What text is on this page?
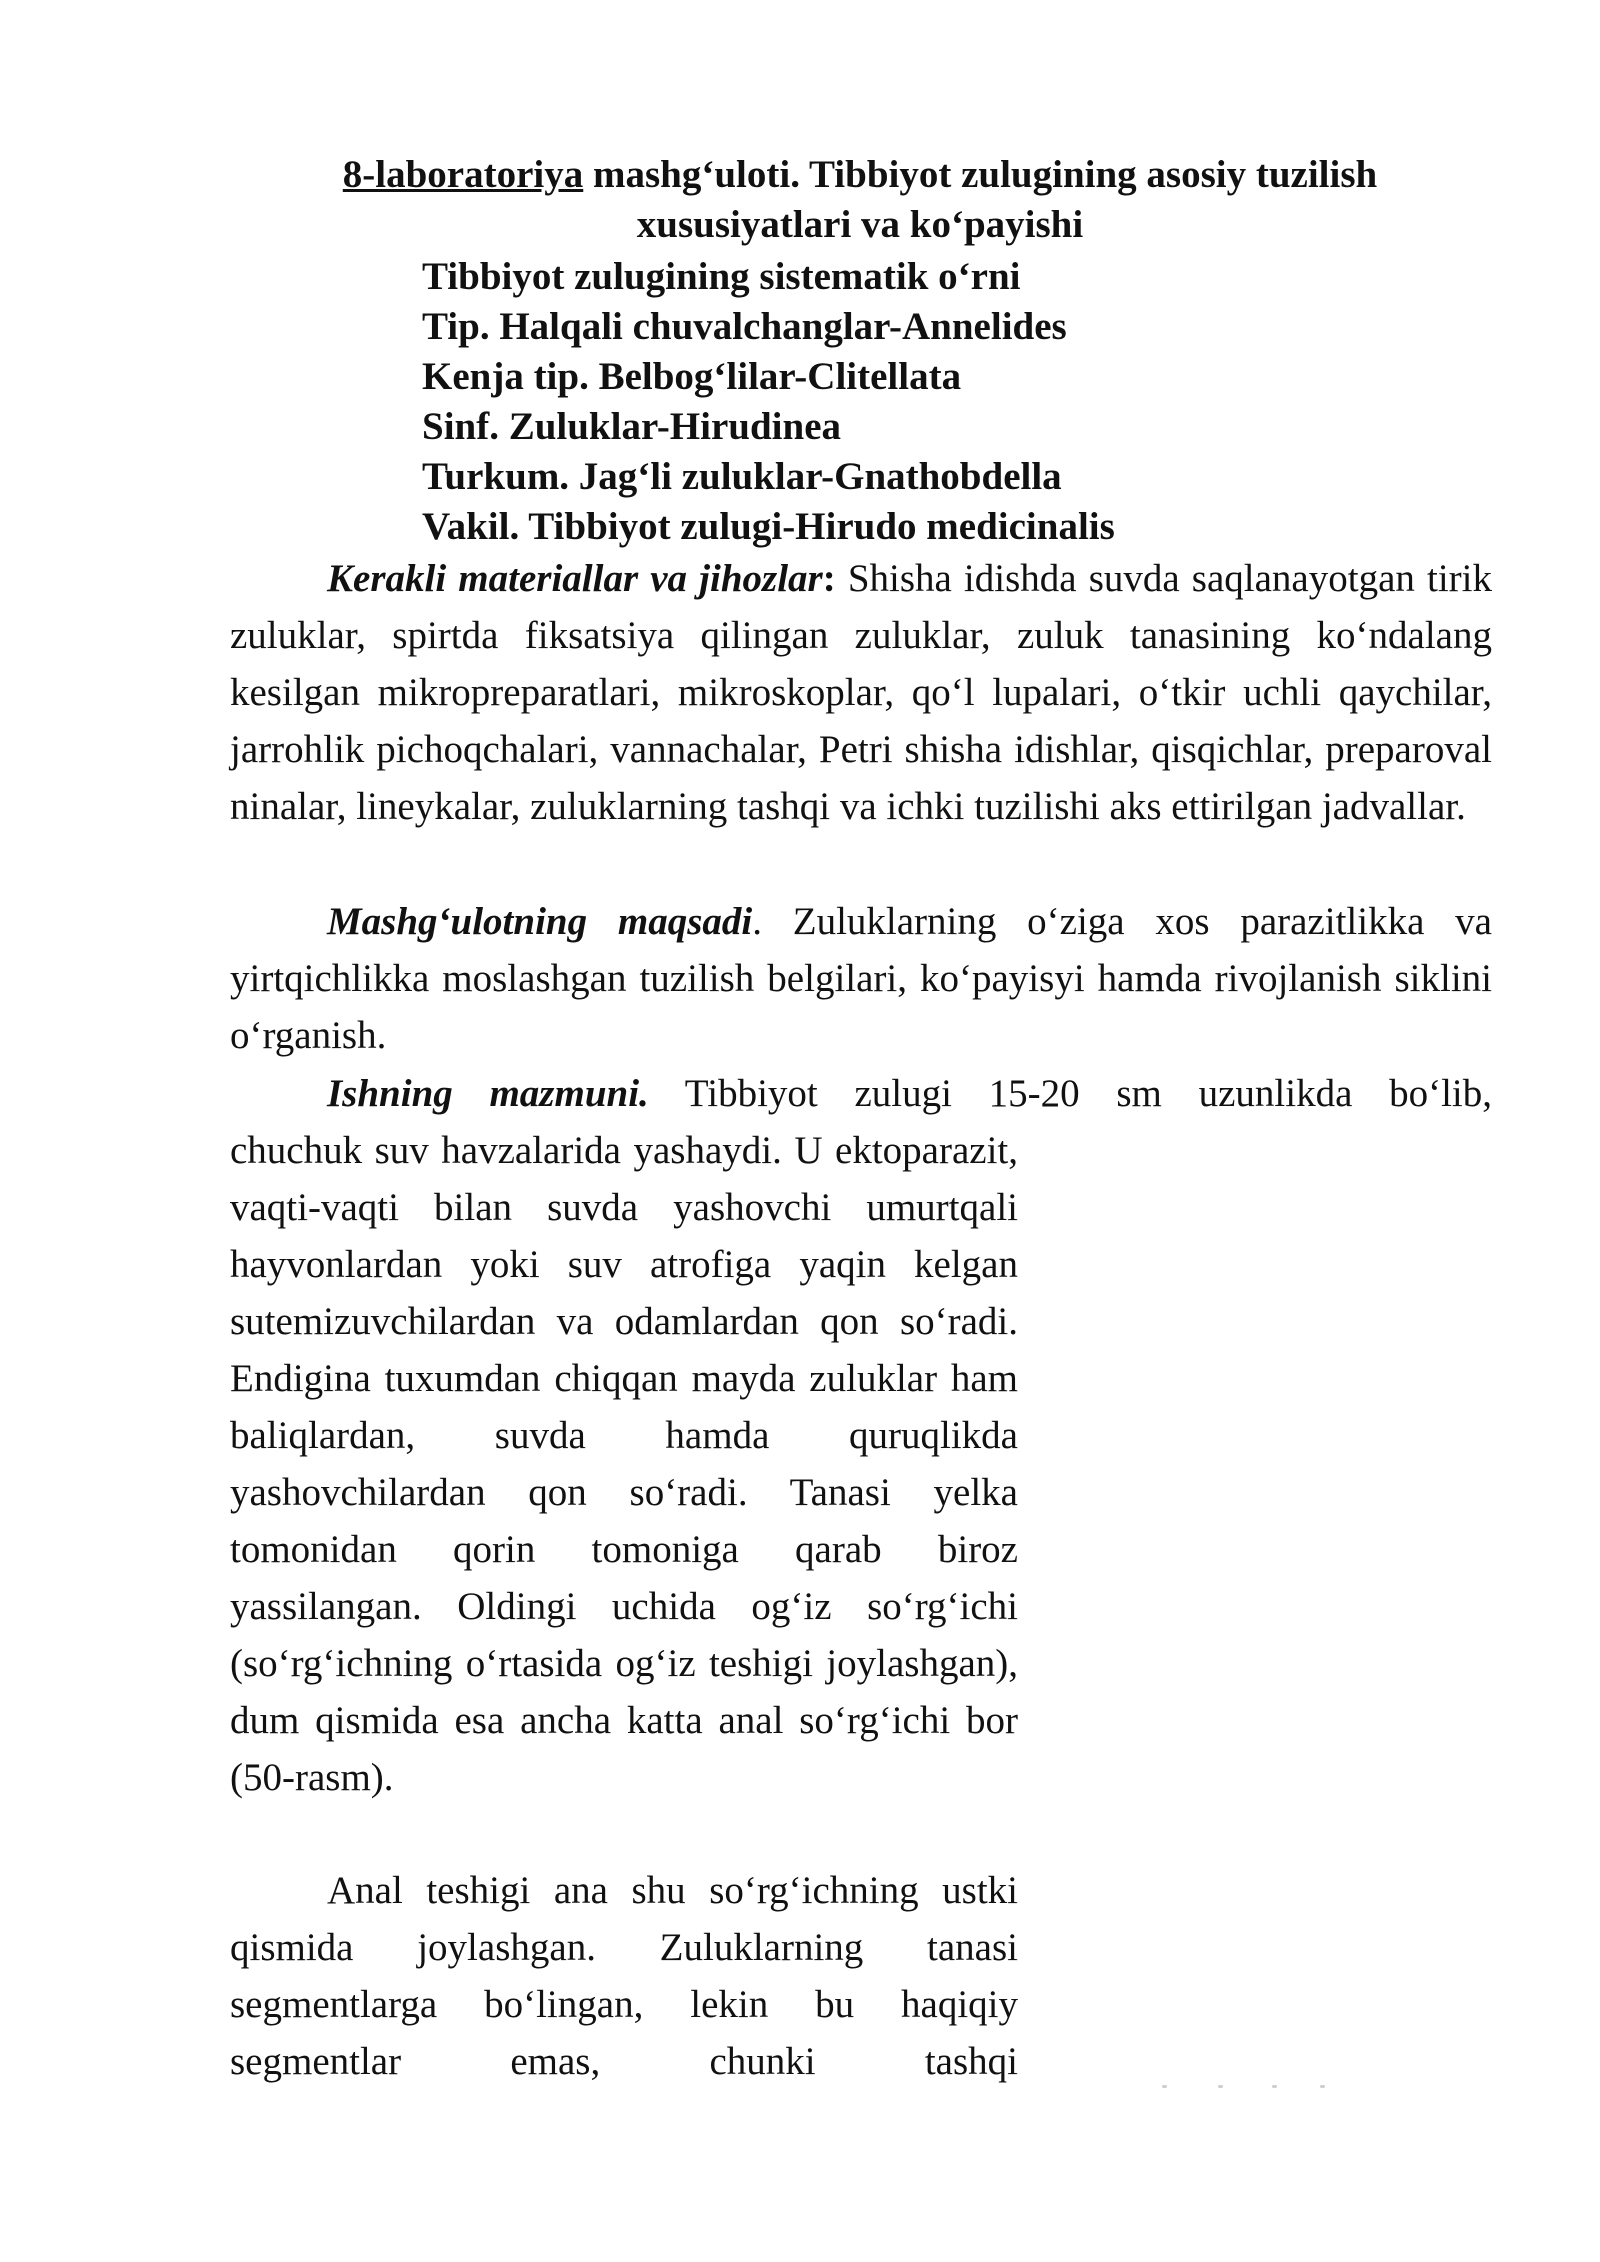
8-laboratoriya mashg‘uloti. Tibbiyot zulugining asosiy tuzilish
xususiyatlari va ko‘payishi
Tibbiyot zulugining sistematik o‘rni
Tip. Halqali chuvalchanglar-Annelides
Kenja tip. Belbog‘lilar-Clitellata
Sinf. Zuluklar-Hirudinea
Turkum. Jag‘li zuluklar-Gnathobdella
Vakil. Tibbiyot zulugi-Hirudo medicinalis

Kerakli materiallar va jihozlar: Shisha idishda suvda saqlanayotgan tirik zuluklar, spirtda fiksatsiya qilingan zuluklar, zuluk tanasining ko‘ndalang kesilgan mikropreparatlari, mikroskoplar, qo‘l lupalari, o‘tkir uchli qaychilar, jarrohlik pichoqchalari, vannachalar, Petri shisha idishlar, qisqichlar, preparoval ninalar, lineykalar, zuluklarning tashqi va ichki tuzilishi aks ettirilgan jadvallar.

Mashg‘ulotning maqsadi. Zuluklarning o‘ziga xos parazitlikka va yirtqichlikka moslashgan tuzilish belgilari, ko‘payisyi hamda rivojlanish siklini o‘rganish.

Ishning mazmuni. Tibbiyot zulugi 15-20 sm uzunlikda bo‘lib,

chuchuk suv havzalarida yashaydi. U ektoparazit, vaqti-vaqti bilan suvda yashovchi umurtqali hayvonlardan yoki suv atrofiga yaqin kelgan sutemizuvchilardan va odamlardan qon so‘radi. Endigina tuxumdan chiqqan mayda zuluklar ham baliqlardan, suvda hamda quruqlikda yashovchilardan qon so‘radi. Tanasi yelka tomonidan qorin tomoniga qarab biroz yassilangan. Oldingi uchida og‘iz so‘rg‘ichi (so‘rg‘ichning o‘rtasida og‘iz teshigi joylashgan), dum qismida esa ancha katta anal so‘rg‘ichi bor (50-rasm).

Anal teshigi ana shu so‘rg‘ichning ustki qismida joylashgan. Zuluklarning tanasi segmentlarga bo‘lingan, lekin bu haqiqiy segmentlar emas, chunki tashqi
